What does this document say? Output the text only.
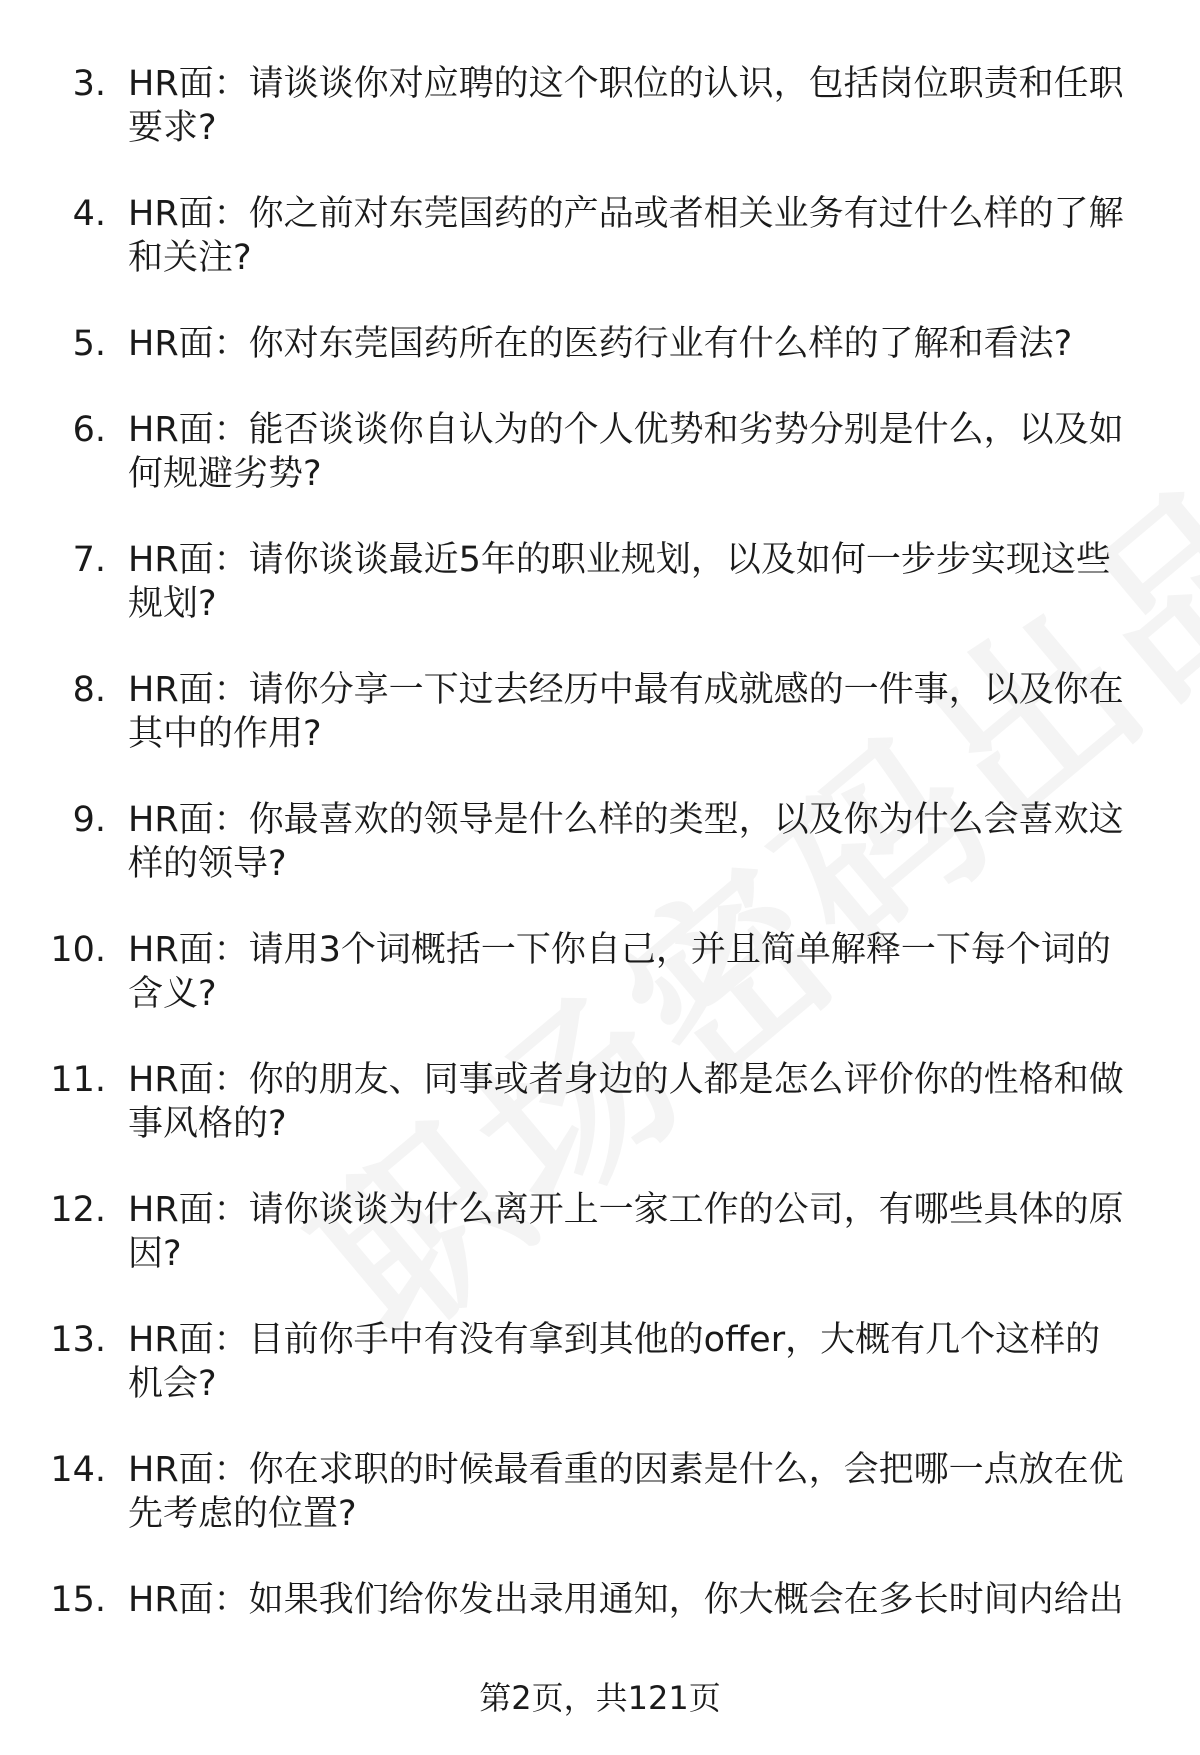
3. HR面：请谈谈你对应聘的这个职位的认识，包括岗位职责和任职
要求?
4. HR面：你之前对东莞国药的产品或者相关业务有过什么样的了解
和关注?
5. HR面：你对东莞国药所在的医药行业有什么样的了解和看法?
6. HR面：能否谈谈你自认为的个人优势和劣势分别是什么，以及如
何规避劣势?
7. HR面：请你谈谈最近5年的职业规划，以及如何一步步实现这些
规划?
8. HR面：请你分享一下过去经历中最有成就感的一件事，以及你在
其中的作用?
9. HR面：你最喜欢的领导是什么样的类型，以及你为什么会喜欢这
样的领导?
10. HR面：请用3个词概括一下你自己，并且简单解释一下每个词的
含义?
11. HR面：你的朋友、同事或者身边的人都是怎么评价你的性格和做
事风格的?
12. HR面：请你谈谈为什么离开上一家工作的公司，有哪些具体的原
因?
13. HR面：目前你手中有没有拿到其他的offer，大概有几个这样的
机会?
14. HR面：你在求职的时候最看重的因素是什么，会把哪一点放在优
先考虑的位置?
15. HR面：如果我们给你发出录用通知，你大概会在多长时间内给出
第2页，共121页
